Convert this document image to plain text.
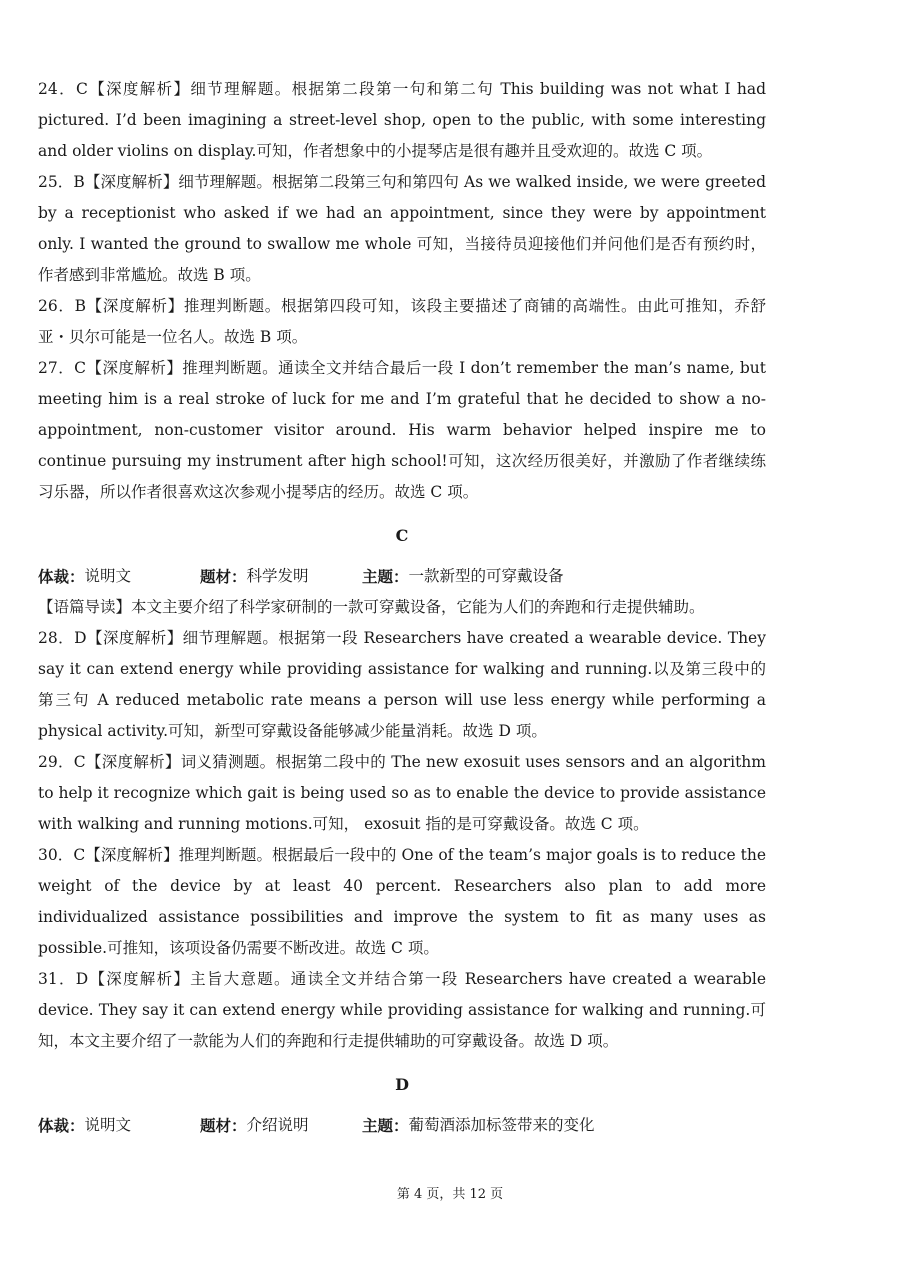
24．C【深度解析】细节理解题。根据第二段第一句和第二句 This building was not what I had pictured. I’d been imagining a street-level shop, open to the public, with some interesting and older violins on display.可知，作者想象中的小提琴店是很有趣并且受欢迎的。故选 C 项。

25．B【深度解析】细节理解题。根据第二段第三句和第四句 As we walked inside, we were greeted by a receptionist who asked if we had an appointment, since they were by appointment only. I wanted the ground to swallow me whole 可知，当接待员迎接他们并问他们是否有预约时，作者感到非常尴尬。故选 B 项。

26．B【深度解析】推理判断题。根据第四段可知，该段主要描述了商铺的高端性。由此可推知，乔舒亚・贝尔可能是一位名人。故选 B 项。

27．C【深度解析】推理判断题。通读全文并结合最后一段 I don’t remember the man’s name, but meeting him is a real stroke of luck for me and I’m grateful that he decided to show a no-appointment, non-customer visitor around. His warm behavior helped inspire me to continue pursuing my instrument after high school!可知，这次经历很美好，并激励了作者继续练习乐器，所以作者很喜欢这次参观小提琴店的经历。故选 C 项。

C
体裁： 说明文	题材： 科学发明	主题： 一款新型的可穿戴设备

【语篇导读】本文主要介绍了科学家研制的一款可穿戴设备，它能为人们的奔跑和行走提供辅助。

28．D【深度解析】细节理解题。根据第一段 Researchers have created a wearable device. They say it can extend energy while providing assistance for walking and running.以及第三段中的第三句 A reduced metabolic rate means a person will use less energy while performing a physical activity.可知，新型可穿戴设备能够减少能量消耗。故选 D 项。

29．C【深度解析】词义猜测题。根据第二段中的 The new exosuit uses sensors and an algorithm to help it recognize which gait is being used so as to enable the device to provide assistance with walking and running motions.可知， exosuit 指的是可穿戴设备。故选 C 项。

30．C【深度解析】推理判断题。根据最后一段中的 One of the team’s major goals is to reduce the weight of the device by at least 40 percent. Researchers also plan to add more individualized assistance possibilities and improve the system to fit as many uses as possible.可推知，该项设备仍需要不断改进。故选 C 项。

31．D【深度解析】主旨大意题。通读全文并结合第一段 Researchers have created a wearable device. They say it can extend energy while providing assistance for walking and running.可知，本文主要介绍了一款能为人们的奔跑和行走提供辅助的可穿戴设备。故选 D 项。

D
体裁： 说明文	题材： 介绍说明	主题： 葡萄酒添加标签带来的变化
第 4 页，共 12 页
